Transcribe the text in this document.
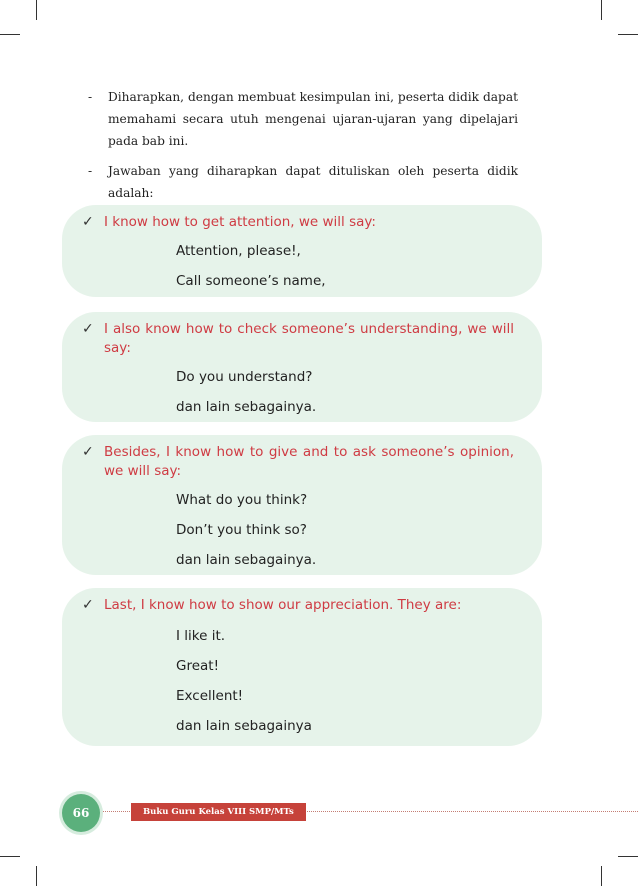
-	Diharapkan, dengan membuat kesimpulan ini, peserta didik dapat memahami secara utuh mengenai ujaran-ujaran yang dipelajari pada bab ini.
-	Jawaban yang diharapkan dapat dituliskan oleh peserta didik adalah:
✓ I know how to get attention, we will say:
Attention, please!,
Call someone’s name,
✓ I also know how to check someone’s understanding, we will say:
Do you understand?
dan lain sebagainya.
✓ Besides, I know how to give and to ask someone’s opinion, we will say:
What do you think?
Don’t you think so?
dan lain sebagainya.
✓ Last, I know how to show our appreciation. They are:
I like it.
Great!
Excellent!
dan lain sebagainya
66	Buku Guru Kelas VIII SMP/MTs
